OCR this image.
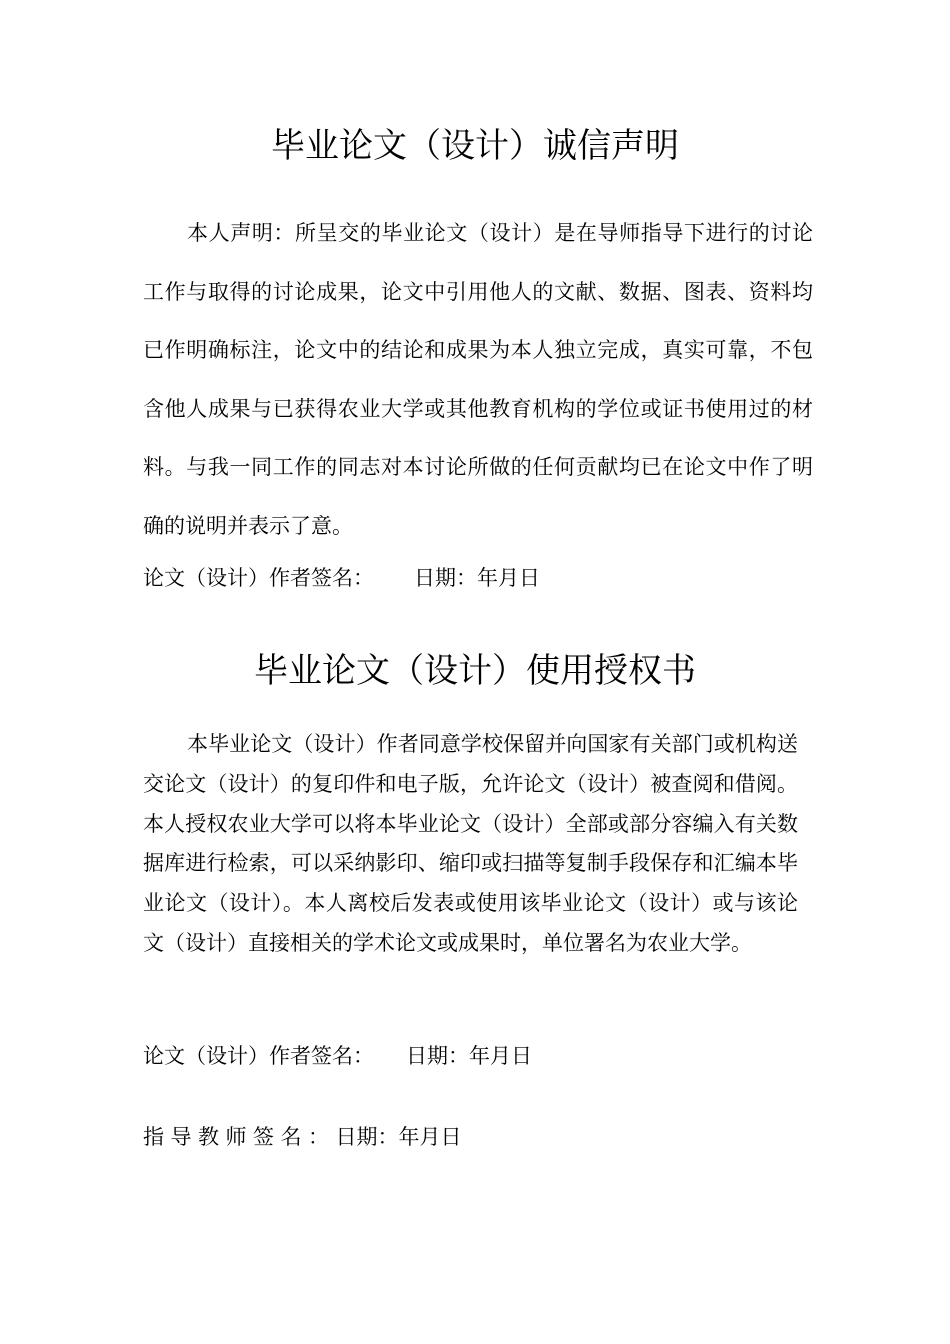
毕业论文（设计）诚信声明

本人声明：所呈交的毕业论文（设计）是在导师指导下进行的讨论工作与取得的讨论成果，论文中引用他人的文献、数据、图表、资料均已作明确标注，论文中的结论和成果为本人独立完成，真实可靠，不包含他人成果与已获得农业大学或其他教育机构的学位或证书使用过的材料。与我一同工作的同志对本讨论所做的任何贡献均已在论文中作了明确的说明并表示了意。

论文（设计）作者签名： 日期：年月日
毕业论文（设计）使用授权书

本毕业论文（设计）作者同意学校保留并向国家有关部门或机构送交论文（设计）的复印件和电子版，允许论文（设计）被查阅和借阅。本人授权农业大学可以将本毕业论文（设计）全部或部分容编入有关数据库进行检索，可以采纳影印、缩印或扫描等复制手段保存和汇编本毕业论文（设计）。本人离校后发表或使用该毕业论文（设计）或与该论文（设计）直接相关的学术论文或成果时，单位署名为农业大学。

论文（设计）作者签名： 日期：年月日
指导教师签名：日期：年月日
